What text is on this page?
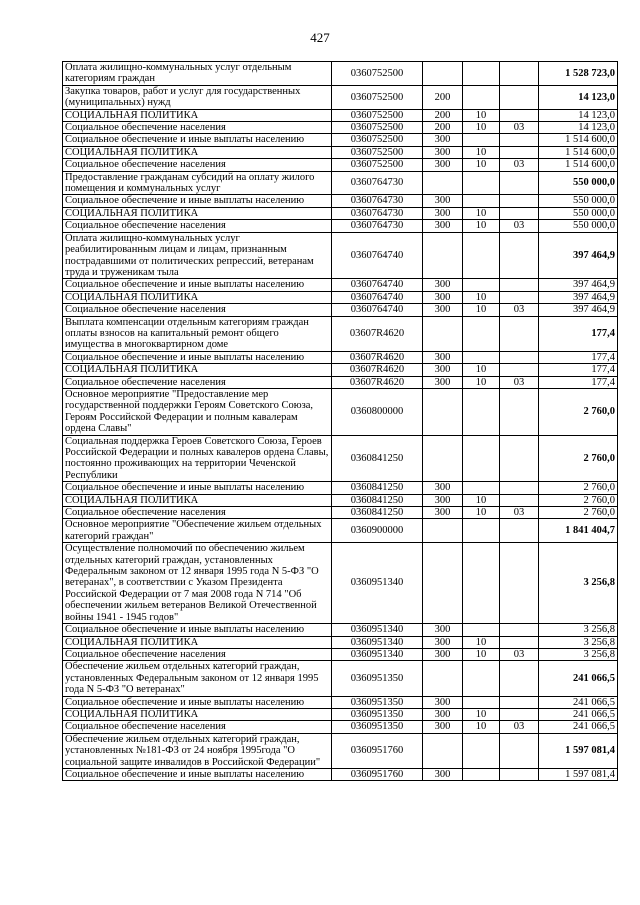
427
Оплата жилищно-коммунальных услуг отдельным категориям граждан	0360752500				1 528 723,0
Закупка товаров, работ и услуг для государственных (муниципальных) нужд	0360752500	200			14 123,0
СОЦИАЛЬНАЯ ПОЛИТИКА	0360752500	200	10		14 123,0
Социальное обеспечение населения	0360752500	200	10	03	14 123,0
Социальное обеспечение и иные выплаты населению	0360752500	300			1 514 600,0
СОЦИАЛЬНАЯ ПОЛИТИКА	0360752500	300	10		1 514 600,0
Социальное обеспечение населения	0360752500	300	10	03	1 514 600,0
Предоставление гражданам субсидий на оплату жилого помещения и коммунальных услуг	0360764730				550 000,0
Социальное обеспечение и иные выплаты населению	0360764730	300			550 000,0
СОЦИАЛЬНАЯ ПОЛИТИКА	0360764730	300	10		550 000,0
Социальное обеспечение населения	0360764730	300	10	03	550 000,0
Оплата жилищно-коммунальных услуг реабилитированным лицам и лицам, признанным пострадавшими от политических репрессий, ветеранам труда и труженикам тыла	0360764740				397 464,9
Социальное обеспечение и иные выплаты населению	0360764740	300			397 464,9
СОЦИАЛЬНАЯ ПОЛИТИКА	0360764740	300	10		397 464,9
Социальное обеспечение населения	0360764740	300	10	03	397 464,9
Выплата компенсации отдельным категориям граждан оплаты взносов на капитальный ремонт общего имущества в многоквартирном доме	03607R4620				177,4
Социальное обеспечение и иные выплаты населению	03607R4620	300			177,4
СОЦИАЛЬНАЯ ПОЛИТИКА	03607R4620	300	10		177,4
Социальное обеспечение населения	03607R4620	300	10	03	177,4
Основное мероприятие "Предоставление мер государственной поддержки Героям Советского Союза, Героям Российской Федерации и полным кавалерам ордена Славы"	0360800000				2 760,0
Социальная поддержка Героев Советского Союза, Героев Российской Федерации и полных кавалеров ордена Славы, постоянно проживающих на территории Чеченской Республики	0360841250				2 760,0
Социальное обеспечение и иные выплаты населению	0360841250	300			2 760,0
СОЦИАЛЬНАЯ ПОЛИТИКА	0360841250	300	10		2 760,0
Социальное обеспечение населения	0360841250	300	10	03	2 760,0
Основное мероприятие "Обеспечение жильем отдельных категорий граждан"	0360900000				1 841 404,7
Осуществление полномочий по обеспечению жильем отдельных категорий граждан, установленных Федеральным законом от 12 января 1995 года N 5-ФЗ "О ветеранах", в соответствии с Указом Президента Российской Федерации от 7 мая 2008 года N 714 "Об обеспечении жильем ветеранов Великой Отечественной войны 1941 - 1945 годов"	0360951340				3 256,8
Социальное обеспечение и иные выплаты населению	0360951340	300			3 256,8
СОЦИАЛЬНАЯ ПОЛИТИКА	0360951340	300	10		3 256,8
Социальное обеспечение населения	0360951340	300	10	03	3 256,8
Обеспечение жильем отдельных категорий граждан, установленных Федеральным законом от 12 января 1995 года N 5-ФЗ "О ветеранах"	0360951350				241 066,5
Социальное обеспечение и иные выплаты населению	0360951350	300			241 066,5
СОЦИАЛЬНАЯ ПОЛИТИКА	0360951350	300	10		241 066,5
Социальное обеспечение населения	0360951350	300	10	03	241 066,5
Обеспечение жильем отдельных категорий граждан, установленных №181-ФЗ от 24 ноября 1995года "О социальной защите инвалидов в Российской Федерации"	0360951760				1 597 081,4
Социальное обеспечение и иные выплаты населению	0360951760	300			1 597 081,4
